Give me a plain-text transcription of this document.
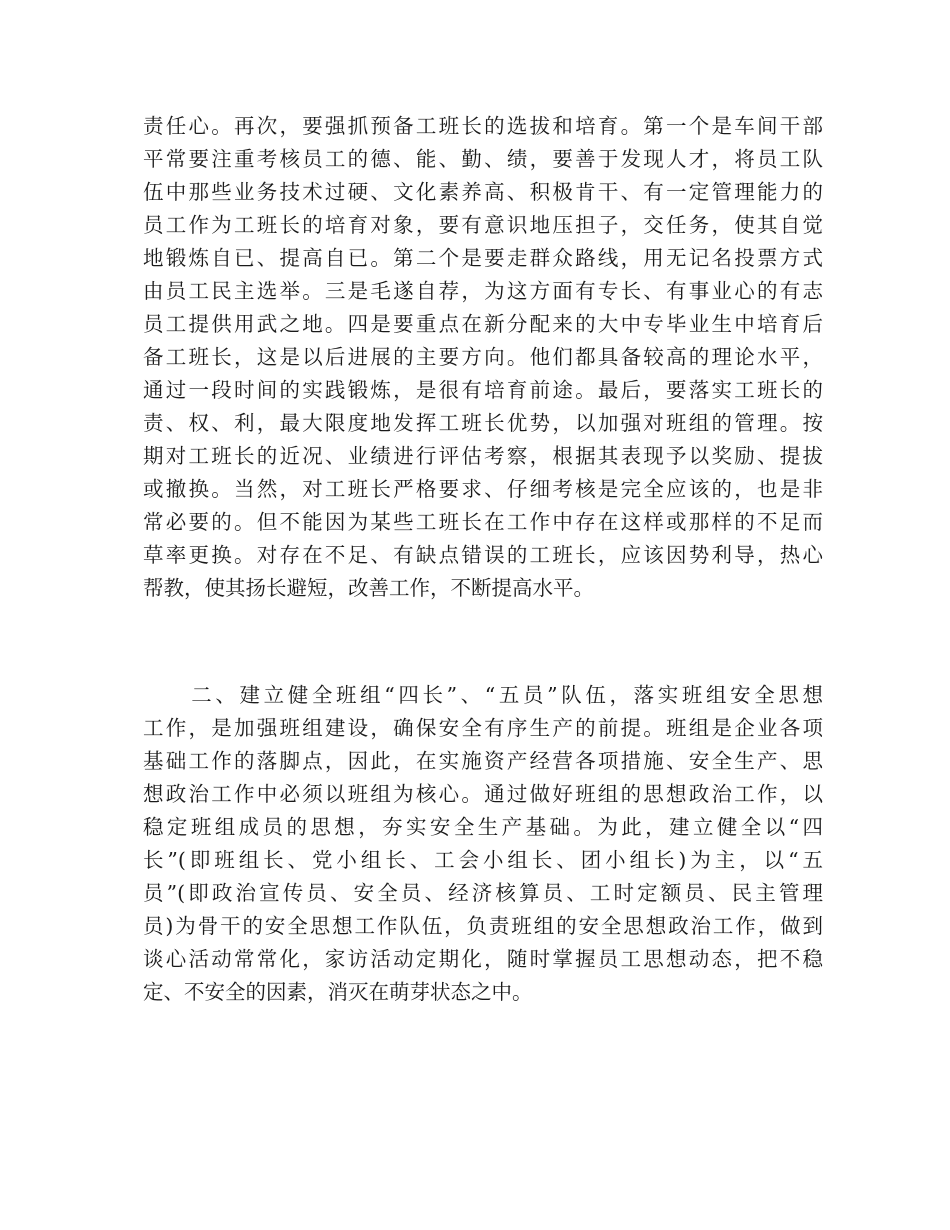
责任心。再次，要强抓预备工班长的选拔和培育。第一个是车间干部
平常要注重考核员工的德、能、勤、绩，要善于发现人才，将员工队
伍中那些业务技术过硬、文化素养高、积极肯干、有一定管理能力的
员工作为工班长的培育对象，要有意识地压担子，交任务，使其自觉
地锻炼自已、提高自已。第二个是要走群众路线，用无记名投票方式
由员工民主选举。三是毛遂自荐，为这方面有专长、有事业心的有志
员工提供用武之地。四是要重点在新分配来的大中专毕业生中培育后
备工班长，这是以后进展的主要方向。他们都具备较高的理论水平，
通过一段时间的实践锻炼，是很有培育前途。最后，要落实工班长的
责、权、利，最大限度地发挥工班长优势，以加强对班组的管理。按
期对工班长的近况、业绩进行评估考察，根据其表现予以奖励、提拔
或撤换。当然，对工班长严格要求、仔细考核是完全应该的，也是非
常必要的。但不能因为某些工班长在工作中存在这样或那样的不足而
草率更换。对存在不足、有缺点错误的工班长，应该因势利导，热心
帮教，使其扬长避短，改善工作，不断提高水平。
　　二、建立健全班组“四长”、“五员”队伍，落实班组安全思想
工作，是加强班组建设，确保安全有序生产的前提。班组是企业各项
基础工作的落脚点，因此，在实施资产经营各项措施、安全生产、思
想政治工作中必须以班组为核心。通过做好班组的思想政治工作，以
稳定班组成员的思想，夯实安全生产基础。为此，建立健全以“四
长”(即班组长、党小组长、工会小组长、团小组长)为主，以“五
员”(即政治宣传员、安全员、经济核算员、工时定额员、民主管理
员)为骨干的安全思想工作队伍，负责班组的安全思想政治工作，做到
谈心活动常常化，家访活动定期化，随时掌握员工思想动态，把不稳
定、不安全的因素，消灭在萌芽状态之中。
